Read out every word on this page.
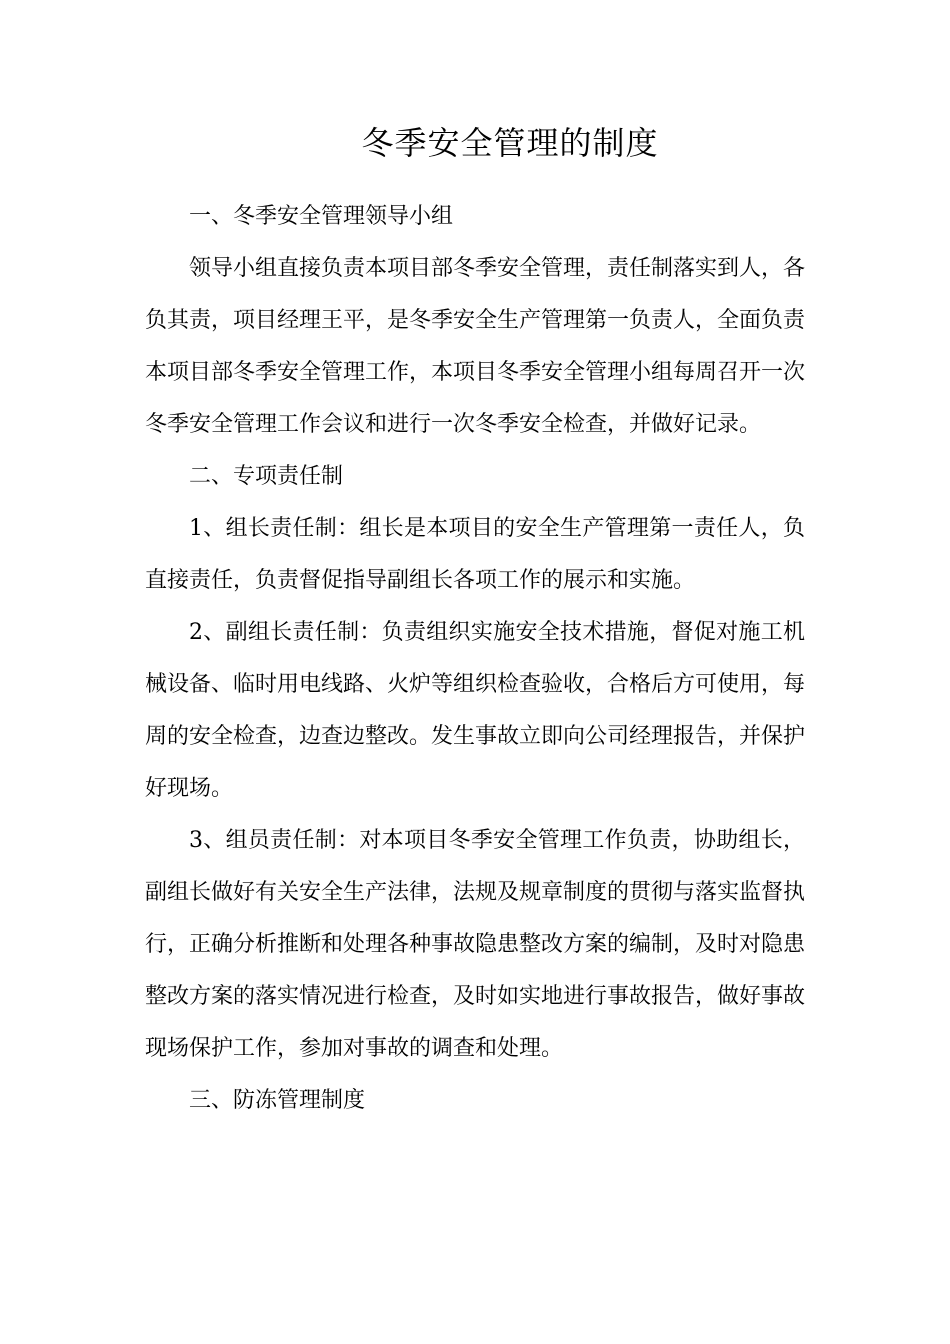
冬季安全管理的制度

一、冬季安全管理领导小组

领导小组直接负责本项目部冬季安全管理，责任制落实到人，各负其责，项目经理王平，是冬季安全生产管理第一负责人，全面负责本项目部冬季安全管理工作，本项目冬季安全管理小组每周召开一次冬季安全管理工作会议和进行一次冬季安全检查，并做好记录。

二、专项责任制

1、组长责任制：组长是本项目的安全生产管理第一责任人，负直接责任，负责督促指导副组长各项工作的展示和实施。

2、副组长责任制：负责组织实施安全技术措施，督促对施工机械设备、临时用电线路、火炉等组织检查验收，合格后方可使用，每周的安全检查，边查边整改。发生事故立即向公司经理报告，并保护好现场。

3、组员责任制：对本项目冬季安全管理工作负责，协助组长，副组长做好有关安全生产法律，法规及规章制度的贯彻与落实监督执行，正确分析推断和处理各种事故隐患整改方案的编制，及时对隐患整改方案的落实情况进行检查，及时如实地进行事故报告，做好事故现场保护工作，参加对事故的调查和处理。

三、防冻管理制度
